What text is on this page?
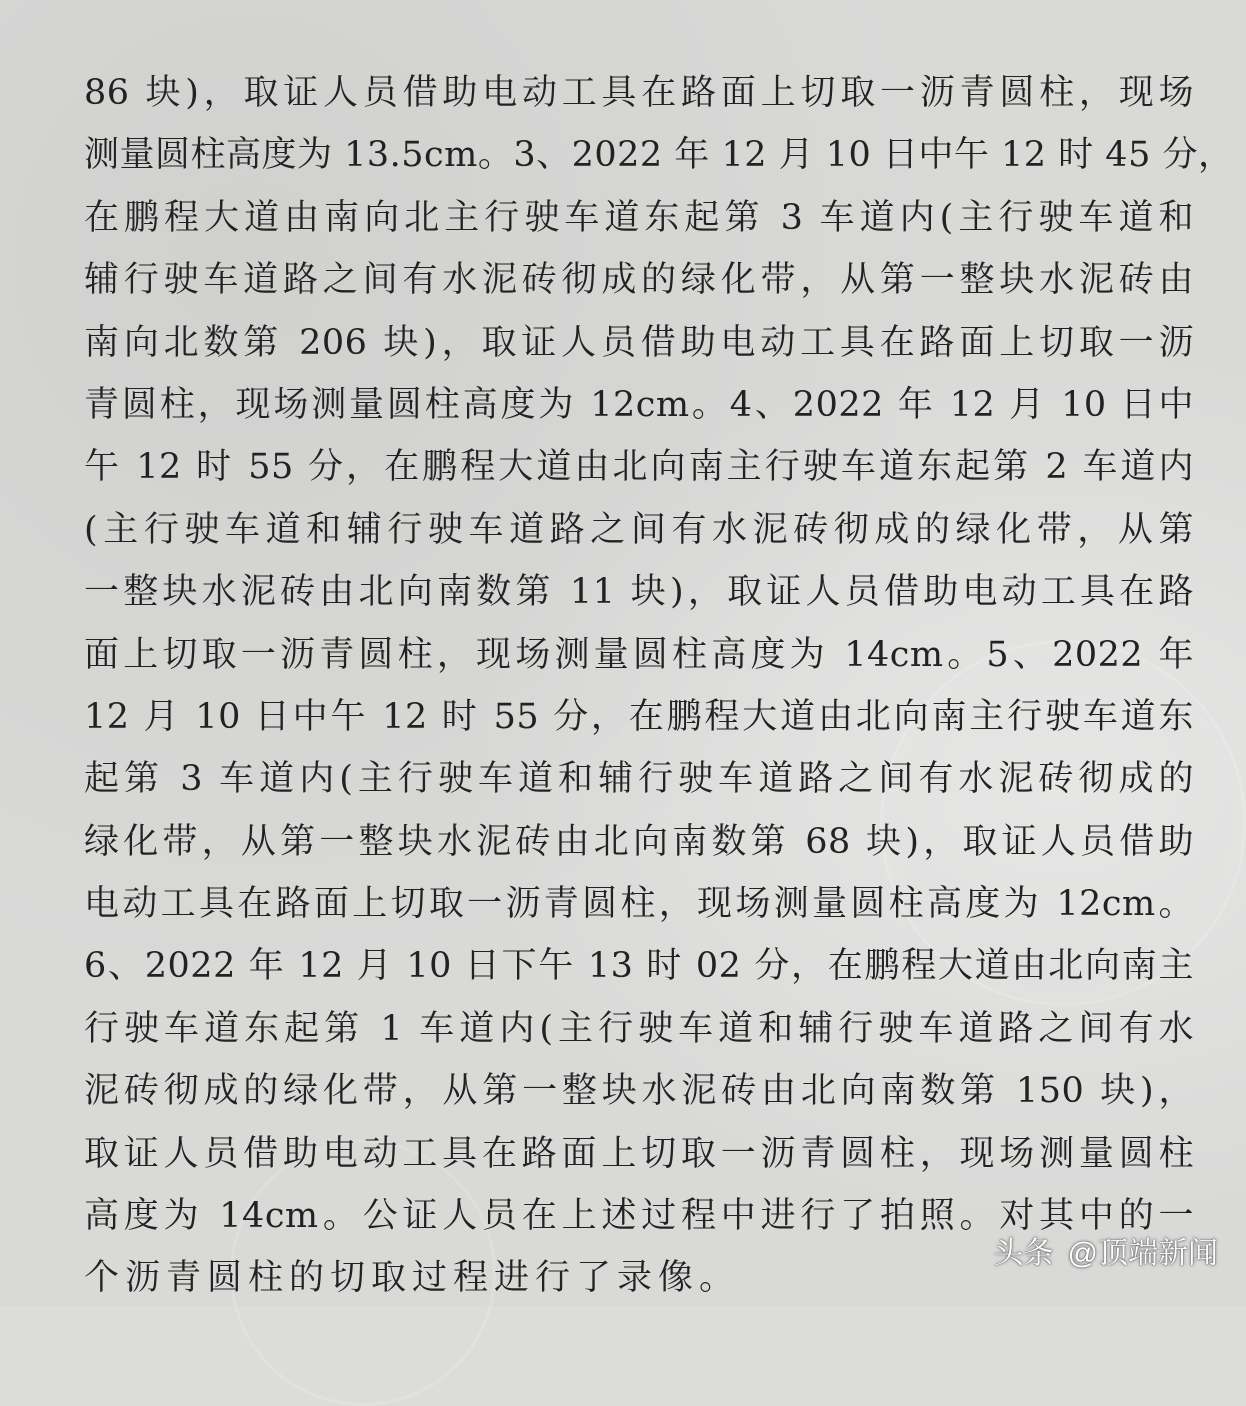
86 块)，取证人员借助电动工具在路面上切取一沥青圆柱，现场
测量圆柱高度为 13.5cm。3、2022 年 12 月 10 日中午 12 时 45 分，
在鹏程大道由南向北主行驶车道东起第 3 车道内(主行驶车道和
辅行驶车道路之间有水泥砖彻成的绿化带，从第一整块水泥砖由
南向北数第 206 块)，取证人员借助电动工具在路面上切取一沥
青圆柱，现场测量圆柱高度为 12cm。4、2022 年 12 月 10 日中
午 12 时 55 分，在鹏程大道由北向南主行驶车道东起第 2 车道内
(主行驶车道和辅行驶车道路之间有水泥砖彻成的绿化带，从第
一整块水泥砖由北向南数第 11 块)，取证人员借助电动工具在路
面上切取一沥青圆柱，现场测量圆柱高度为 14cm。5、2022 年
12 月 10 日中午 12 时 55 分，在鹏程大道由北向南主行驶车道东
起第 3 车道内(主行驶车道和辅行驶车道路之间有水泥砖彻成的
绿化带，从第一整块水泥砖由北向南数第 68 块)，取证人员借助
电动工具在路面上切取一沥青圆柱，现场测量圆柱高度为 12cm。
6、2022 年 12 月 10 日下午 13 时 02 分，在鹏程大道由北向南主
行驶车道东起第 1 车道内(主行驶车道和辅行驶车道路之间有水
泥砖彻成的绿化带，从第一整块水泥砖由北向南数第 150 块)，
取证人员借助电动工具在路面上切取一沥青圆柱，现场测量圆柱
高度为 14cm。公证人员在上述过程中进行了拍照。对其中的一
个沥青圆柱的切取过程进行了录像。
头条 @顶端新闻
